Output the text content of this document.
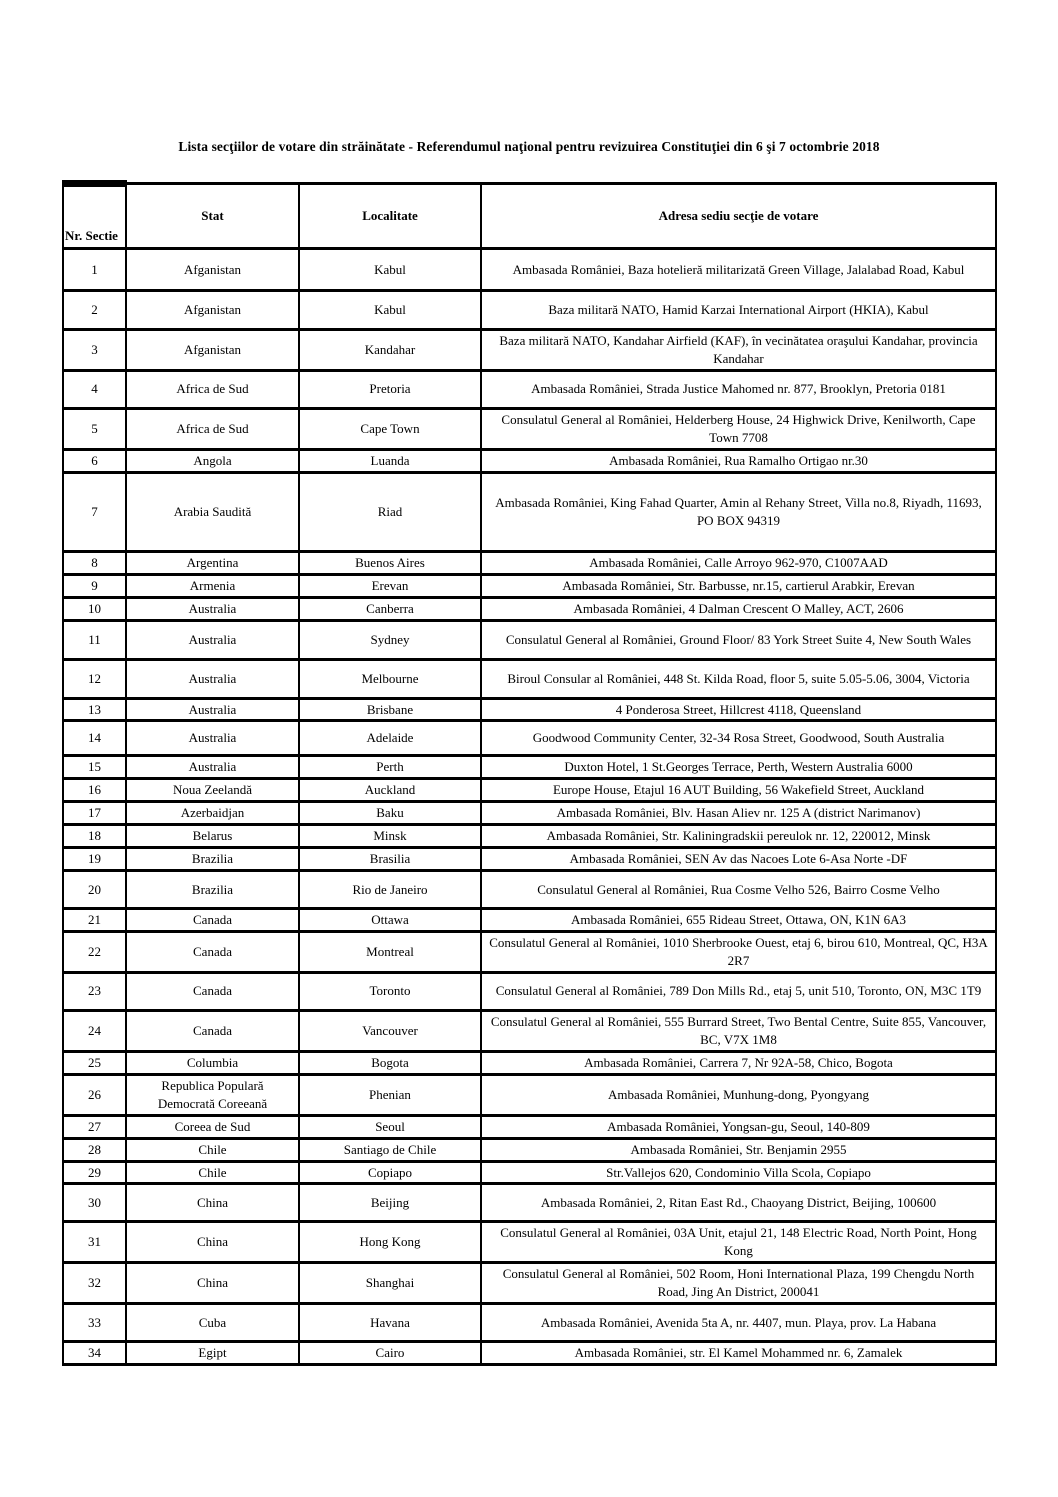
Lista secţiilor de votare din străinătate - Referendumul naţional pentru revizuirea Constituţiei din 6 şi 7 octombrie 2018
Nr. Sectie	Stat	Localitate	Adresa sediu secţie de votare
1	Afganistan	Kabul	Ambasada României, Baza hotelieră militarizată Green Village, Jalalabad Road, Kabul
2	Afganistan	Kabul	Baza militară NATO, Hamid Karzai International Airport (HKIA), Kabul
3	Afganistan	Kandahar	Baza militară NATO, Kandahar Airfield (KAF), în vecinătatea oraşului Kandahar, provincia Kandahar
4	Africa de Sud	Pretoria	Ambasada României, Strada Justice Mahomed nr. 877, Brooklyn, Pretoria 0181
5	Africa de Sud	Cape Town	Consulatul General al României, Helderberg House, 24 Highwick Drive, Kenilworth, Cape Town 7708
6	Angola	Luanda	Ambasada României, Rua Ramalho Ortigao nr.30
7	Arabia Saudită	Riad	Ambasada României, King Fahad Quarter, Amin al Rehany Street, Villa no.8, Riyadh, 11693, PO BOX 94319
8	Argentina	Buenos Aires	Ambasada României, Calle Arroyo 962-970, C1007AAD
9	Armenia	Erevan	Ambasada României, Str. Barbusse, nr.15, cartierul Arabkir, Erevan
10	Australia	Canberra	Ambasada României, 4 Dalman Crescent O Malley, ACT, 2606
11	Australia	Sydney	Consulatul General al României, Ground Floor/ 83 York Street Suite 4, New South Wales
12	Australia	Melbourne	Biroul Consular al României, 448 St. Kilda Road, floor 5, suite 5.05-5.06, 3004, Victoria
13	Australia	Brisbane	4 Ponderosa Street, Hillcrest 4118, Queensland
14	Australia	Adelaide	Goodwood Community Center, 32-34 Rosa Street, Goodwood, South Australia
15	Australia	Perth	Duxton Hotel, 1 St.Georges Terrace, Perth, Western Australia 6000
16	Noua Zeelandă	Auckland	Europe House, Etajul 16 AUT Building, 56 Wakefield Street, Auckland
17	Azerbaidjan	Baku	Ambasada României, Blv. Hasan Aliev nr. 125 A (district Narimanov)
18	Belarus	Minsk	Ambasada României, Str. Kaliningradskii pereulok nr. 12, 220012, Minsk
19	Brazilia	Brasilia	Ambasada României, SEN Av das Nacoes Lote 6-Asa Norte -DF
20	Brazilia	Rio de Janeiro	Consulatul General al României, Rua Cosme Velho 526, Bairro Cosme Velho
21	Canada	Ottawa	Ambasada României, 655 Rideau Street, Ottawa, ON, K1N 6A3
22	Canada	Montreal	Consulatul General al României, 1010 Sherbrooke Ouest, etaj 6, birou 610, Montreal, QC, H3A 2R7
23	Canada	Toronto	Consulatul General al României, 789 Don Mills Rd., etaj 5, unit 510, Toronto, ON, M3C 1T9
24	Canada	Vancouver	Consulatul General al României, 555 Burrard Street, Two Bental Centre, Suite 855, Vancouver, BC, V7X 1M8
25	Columbia	Bogota	Ambasada României, Carrera 7, Nr 92A-58, Chico, Bogota
26	Republica Populară Democrată Coreeană	Phenian	Ambasada României, Munhung-dong, Pyongyang
27	Coreea de Sud	Seoul	Ambasada României, Yongsan-gu, Seoul, 140-809
28	Chile	Santiago de Chile	Ambasada României, Str. Benjamin 2955
29	Chile	Copiapo	Str.Vallejos 620, Condominio Villa Scola, Copiapo
30	China	Beijing	Ambasada României, 2, Ritan East Rd., Chaoyang District, Beijing, 100600
31	China	Hong Kong	Consulatul General al României, 03A Unit, etajul 21, 148 Electric Road, North Point, Hong Kong
32	China	Shanghai	Consulatul General al României, 502 Room, Honi International Plaza, 199 Chengdu North Road, Jing An District, 200041
33	Cuba	Havana	Ambasada României, Avenida 5ta A, nr. 4407, mun. Playa, prov. La Habana
34	Egipt	Cairo	Ambasada României, str. El Kamel Mohammed nr. 6, Zamalek
